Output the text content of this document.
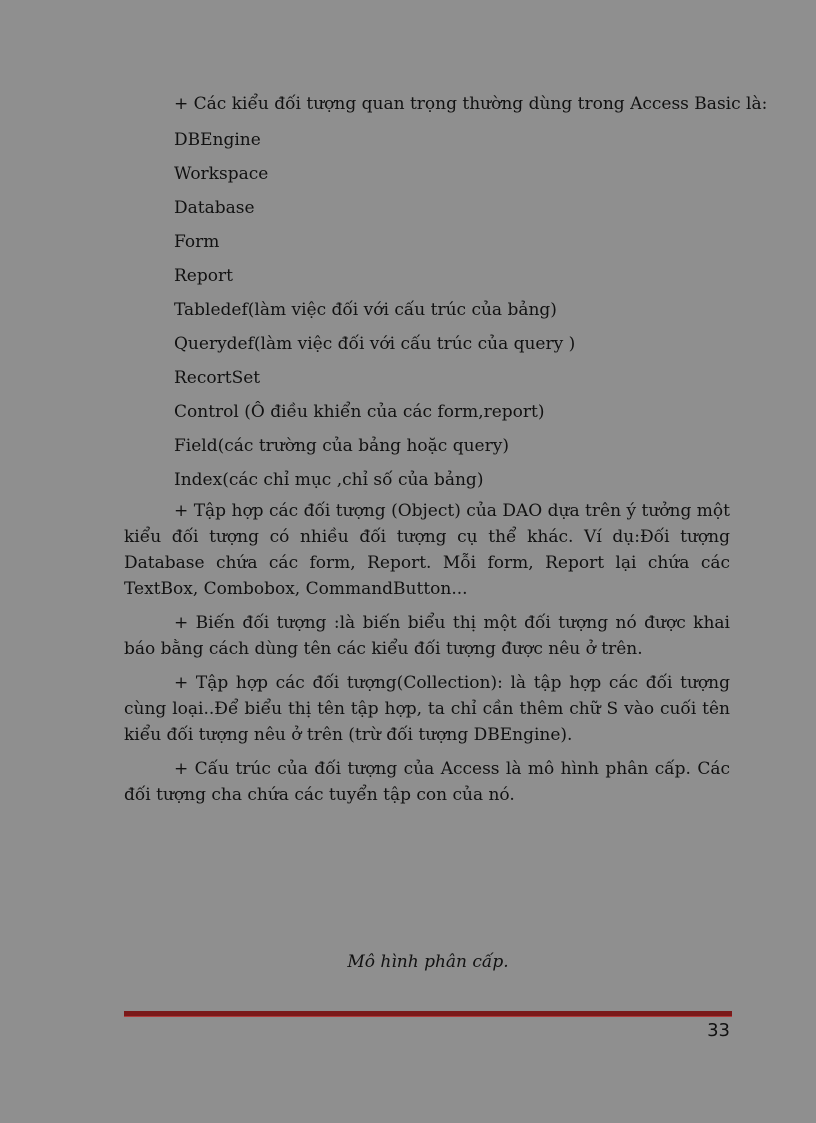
+ Các kiểu đối tượng quan trọng thường dùng trong Access Basic là:

DBEngine
Workspace
Database
Form
Report
Tabledef(làm việc đối với cấu trúc của bảng)
Querydef(làm việc đối với cấu trúc của query )
RecortSet
Control (Ô điều khiển của các form,report)
Field(các trường của bảng hoặc query)
Index(các chỉ mục ,chỉ số của bảng)

+ Tập hợp các đối tượng (Object) của DAO dựa trên ý tưởng một kiểu đối tượng có nhiều đối tượng cụ thể khác. Ví dụ:Đối tượng Database chứa các form, Report. Mỗi form, Report lại chứa các TextBox, Combobox, CommandButton...

+ Biến đối tượng :là biến biểu thị một đối tượng nó được khai báo bằng cách dùng tên các kiểu đối tượng được nêu ở trên.

+ Tập hợp các đối tượng(Collection): là tập hợp các đối tượng cùng loại..Để biểu thị tên tập hợp, ta chỉ cần thêm chữ S vào cuối tên kiểu đối tượng nêu ở trên (trừ đối tượng DBEngine).

+ Cấu trúc của đối tượng của Access là mô hình phân cấp. Các đối tượng cha chứa các tuyển tập con của nó.

Mô hình phân cấp.

33
